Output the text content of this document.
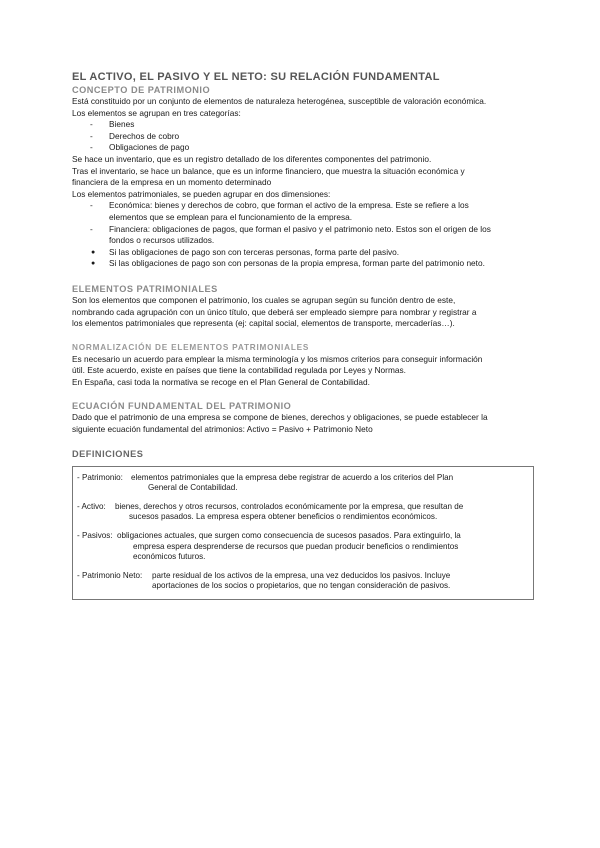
EL ACTIVO, EL PASIVO Y EL NETO: SU RELACIÓN FUNDAMENTAL
CONCEPTO DE PATRIMONIO

Está constituido por un conjunto de elementos de naturaleza heterogénea, susceptible de valoración económica.

Los elementos se agrupan en tres categorías:

- Bienes
- Derechos de cobro
- Obligaciones de pago

Se hace un inventario, que es un registro detallado de los diferentes componentes del patrimonio.

Tras el inventario, se hace un balance, que es un informe financiero, que muestra la situación económica y

financiera de la empresa en un momento determinado

Los elementos patrimoniales, se pueden agrupar en dos dimensiones:

- Económica: bienes y derechos de cobro, que forman el activo de la empresa. Este se refiere a los
elementos que se emplean para el funcionamiento de la empresa.
- Financiera: obligaciones de pagos, que forman el pasivo y el patrimonio neto. Estos son el origen de los
fondos o recursos utilizados.
● Si las obligaciones de pago son con terceras personas, forma parte del pasivo.
● Si las obligaciones de pago son con personas de la propia empresa, forman parte del patrimonio neto.
ELEMENTOS PATRIMONIALES

Son los elementos que componen el patrimonio, los cuales se agrupan según su función dentro de este,

nombrando cada agrupación con un único título, que deberá ser empleado siempre para nombrar y registrar a

los elementos patrimoniales que representa (ej: capital social, elementos de transporte, mercaderías…).

NORMALIZACIÓN DE ELEMENTOS PATRIMONIALES

Es necesario un acuerdo para emplear la misma terminología y los mismos criterios para conseguir información

útil. Este acuerdo, existe en países que tiene la contabilidad regulada por Leyes y Normas.

En España, casi toda la normativa se recoge en el Plan General de Contabilidad.

ECUACIÓN FUNDAMENTAL DEL PATRIMONIO

Dado que el patrimonio de una empresa se compone de bienes, derechos y obligaciones, se puede establecer la

siguiente ecuación fundamental del atrimonios: Activo = Pasivo + Patrimonio Neto

DEFINICIONES
- Patrimonio: elementos patrimoniales que la empresa debe registrar de acuerdo a los criterios del Plan
General de Contabilidad.
- Activo: bienes, derechos y otros recursos, controlados económicamente por la empresa, que resultan de
sucesos pasados. La empresa espera obtener beneficios o rendimientos económicos.
- Pasivos: obligaciones actuales, que surgen como consecuencia de sucesos pasados. Para extinguirlo, la
empresa espera desprenderse de recursos que puedan producir beneficios o rendimientos
económicos futuros.
- Patrimonio Neto: parte residual de los activos de la empresa, una vez deducidos los pasivos. Incluye
aportaciones de los socios o propietarios, que no tengan consideración de pasivos.
